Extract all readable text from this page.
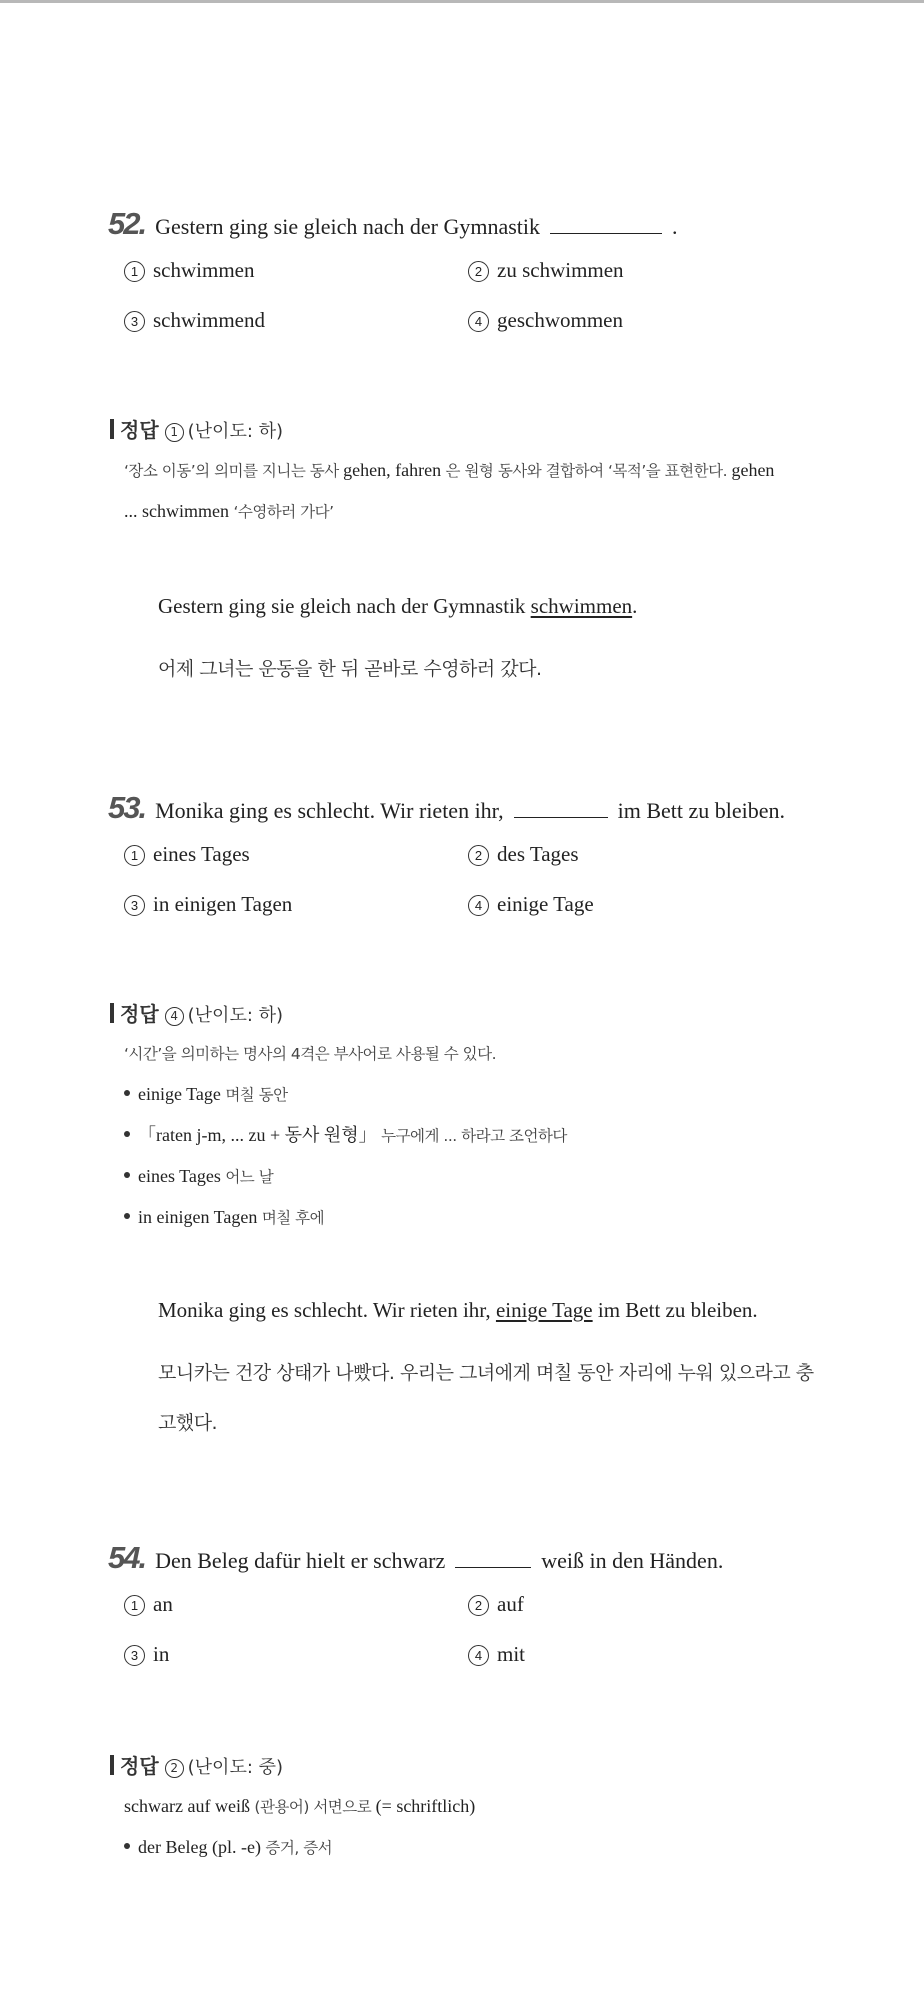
52. Gestern ging sie gleich nach der Gymnastik	.
1 schwimmen	2 zu schwimmen
3 schwimmend	4 geschwommen
정답 1 (난이도: 하)
‘장소 이동’의 의미를 지니는 동사 gehen, fahren 은 원형 동사와 결합하여 ‘목적’을 표현한다. gehen
... schwimmen ‘수영하러 가다’
Gestern ging sie gleich nach der Gymnastik schwimmen.
어제 그녀는 운동을 한 뒤 곧바로 수영하러 갔다.
53. Monika ging es schlecht. Wir rieten ihr,	im Bett zu bleiben.
1 eines Tages	2 des Tages
3 in einigen Tagen	4 einige Tage
정답 4 (난이도: 하)
‘시간’을 의미하는 명사의 4격은 부사어로 사용될 수 있다.
einige Tage 며칠 동안
「raten j-m, ... zu + 동사 원형」 누구에게 ... 하라고 조언하다
eines Tages 어느 날
in einigen Tagen 며칠 후에
Monika ging es schlecht. Wir rieten ihr, einige Tage im Bett zu bleiben.
모니카는 건강 상태가 나빴다. 우리는 그녀에게 며칠 동안 자리에 누워 있으라고 충
고했다.
54. Den Beleg dafür hielt er schwarz	weiß in den Händen.
1 an	2 auf
3 in	4 mit
정답 2 (난이도: 중)
schwarz auf weiß (관용어) 서면으로 (= schriftlich)
der Beleg (pl. -e) 증거, 증서
